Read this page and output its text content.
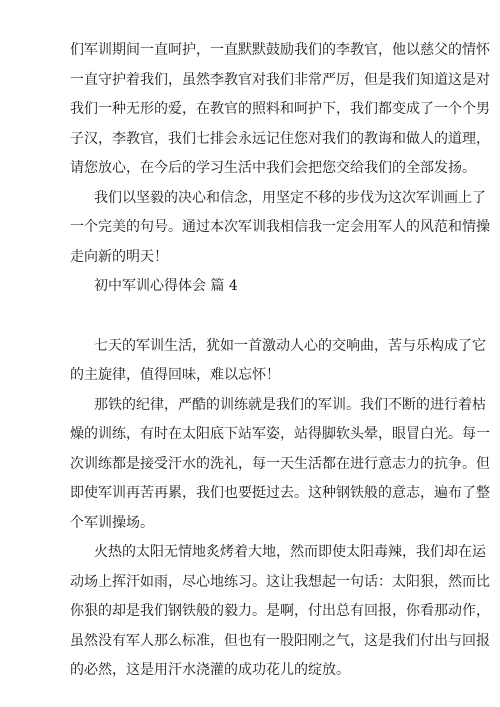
们军训期间一直呵护，一直默默鼓励我们的李教官，他以慈父的情怀
一直守护着我们，虽然李教官对我们非常严厉，但是我们知道这是对
我们一种无形的爱，在教官的照料和呵护下，我们都变成了一个个男
子汉，李教官，我们七排会永远记住您对我们的教诲和做人的道理，
请您放心，在今后的学习生活中我们会把您交给我们的全部发扬。
我们以坚毅的决心和信念，用坚定不移的步伐为这次军训画上了
一个完美的句号。通过本次军训我相信我一定会用军人的风范和情操
走向新的明天！
初中军训心得体会 篇 4
七天的军训生活，犹如一首激动人心的交响曲，苦与乐构成了它
的主旋律，值得回味，难以忘怀！
那铁的纪律，严酷的训练就是我们的军训。我们不断的进行着枯
燥的训练，有时在太阳底下站军姿，站得脚软头晕，眼冒白光。每一
次训练都是接受汗水的洗礼，每一天生活都在进行意志力的抗争。但
即使军训再苦再累，我们也要挺过去。这种钢铁般的意志，遍布了整
个军训操场。
火热的太阳无情地炙烤着大地，然而即使太阳毒辣，我们却在运
动场上挥汗如雨，尽心地练习。这让我想起一句话：太阳狠，然而比
你狠的却是我们钢铁般的毅力。是啊，付出总有回报，你看那动作，
虽然没有军人那么标准，但也有一股阳刚之气，这是我们付出与回报
的必然，这是用汗水浇灌的成功花儿的绽放。
